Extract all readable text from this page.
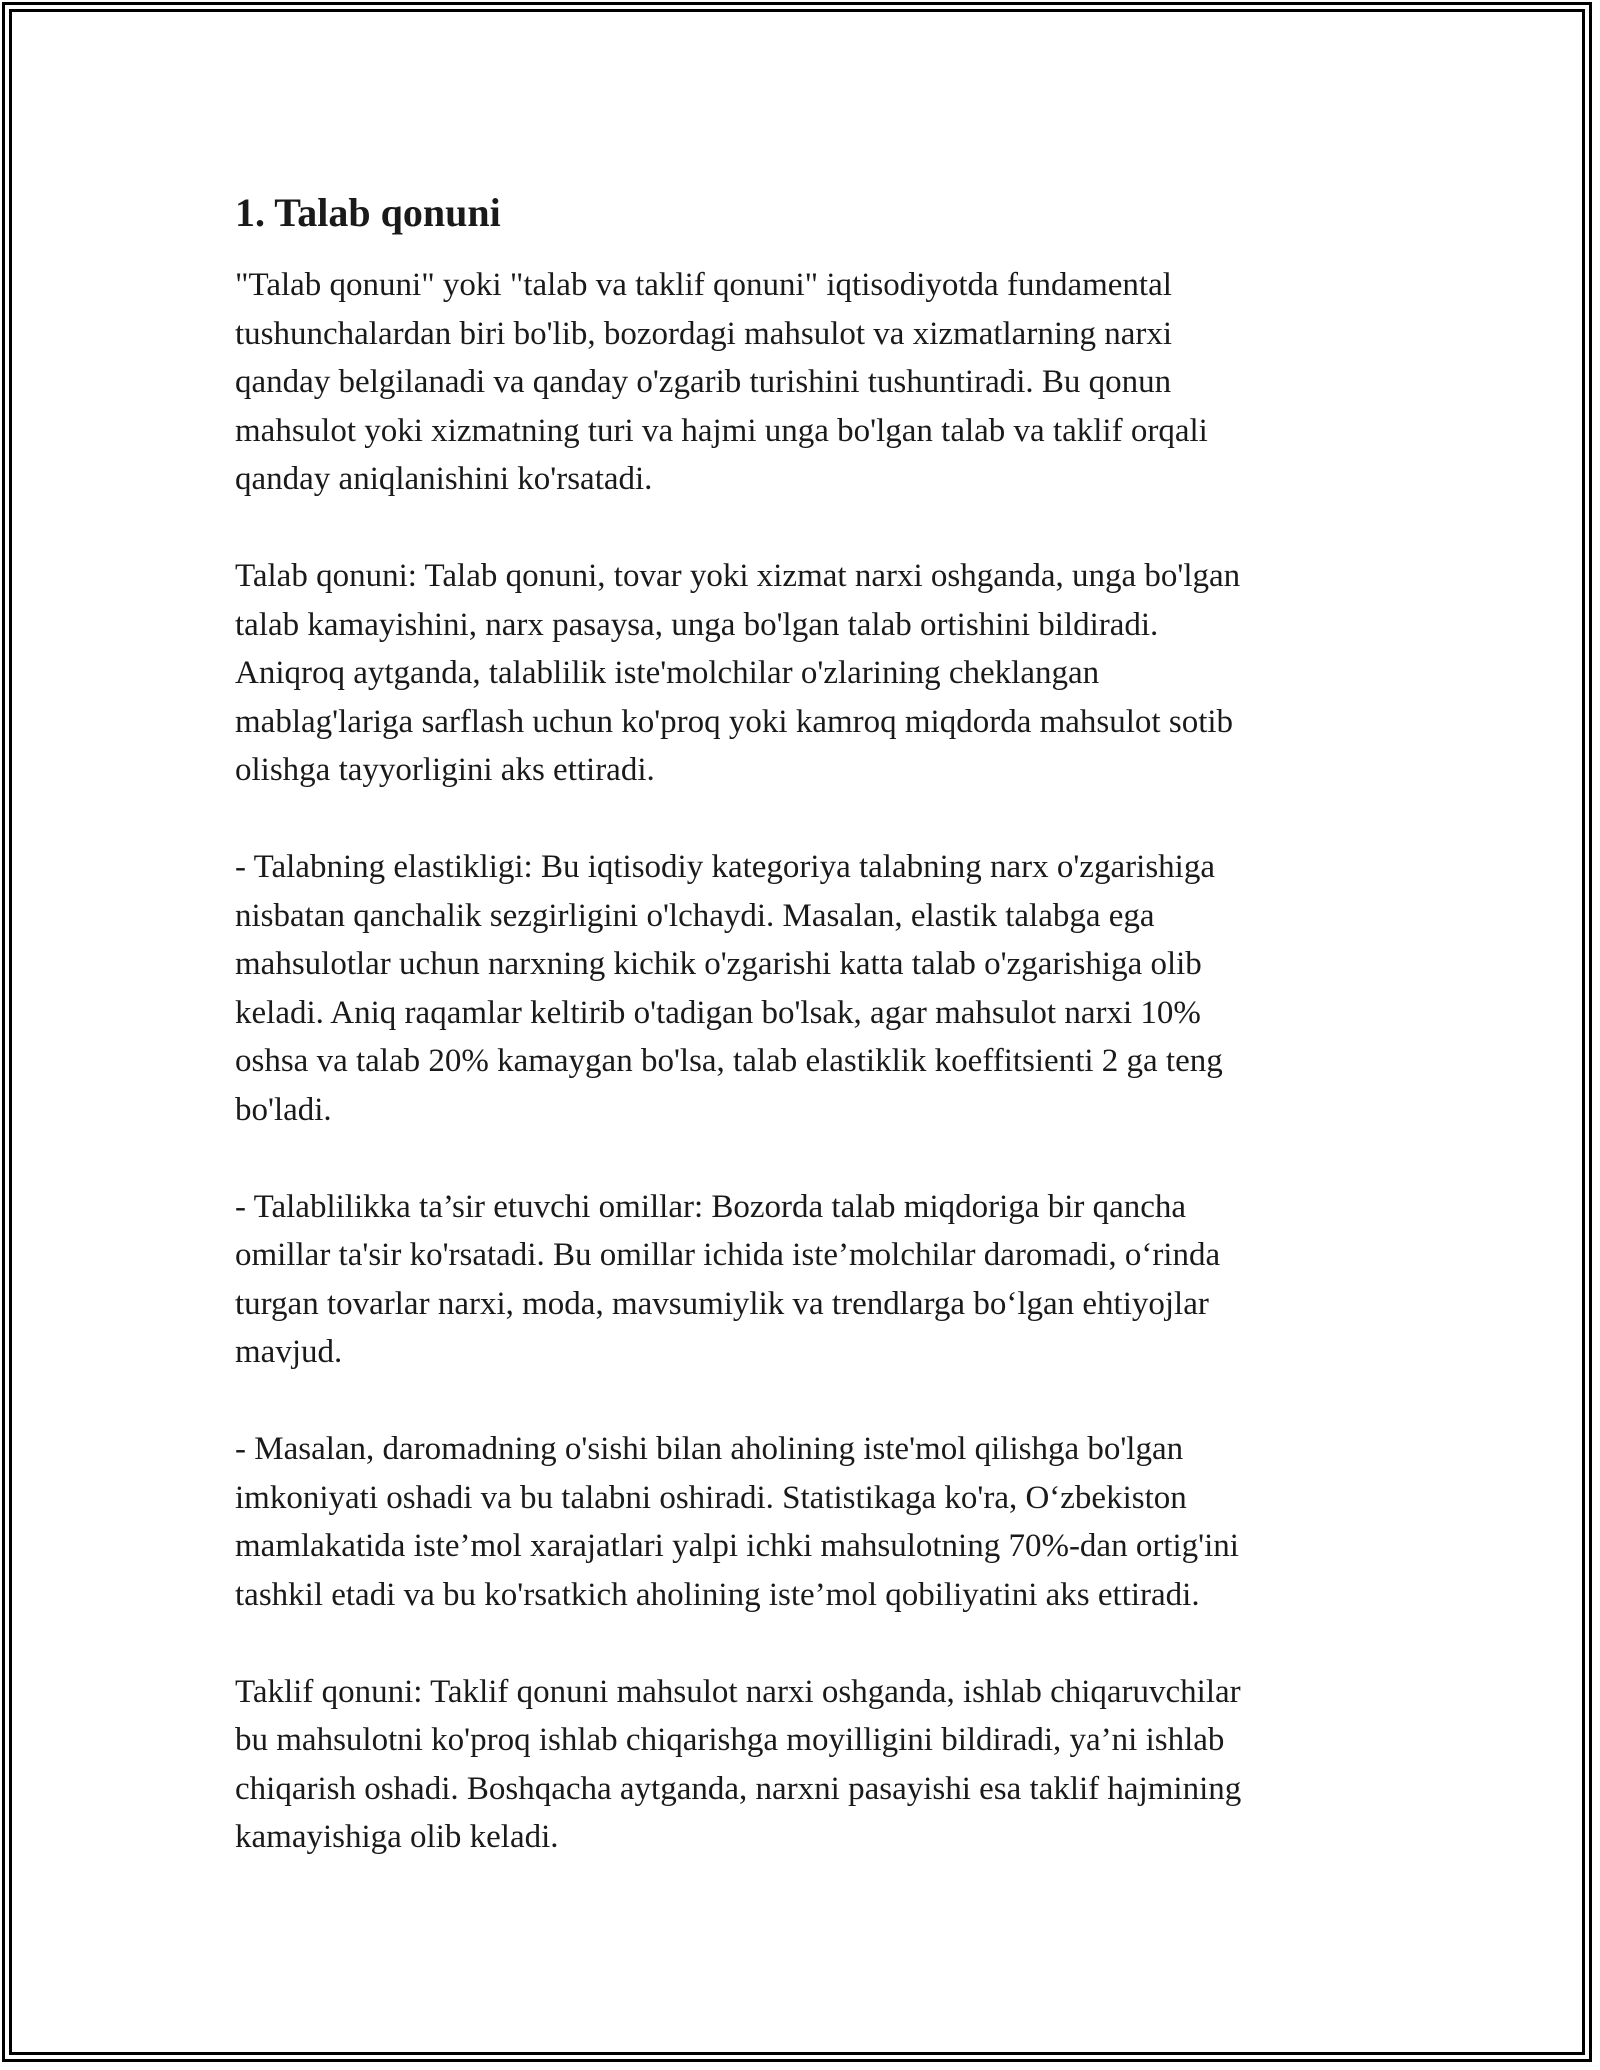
1. Talab qonuni

"Talab qonuni" yoki "talab va taklif qonuni" iqtisodiyotda fundamental
tushunchalardan biri bo'lib, bozordagi mahsulot va xizmatlarning narxi
qanday belgilanadi va qanday o'zgarib turishini tushuntiradi. Bu qonun
mahsulot yoki xizmatning turi va hajmi unga bo'lgan talab va taklif orqali
qanday aniqlanishini ko'rsatadi.

Talab qonuni: Talab qonuni, tovar yoki xizmat narxi oshganda, unga bo'lgan
talab kamayishini, narx pasaysa, unga bo'lgan talab ortishini bildiradi.
Aniqroq aytganda, talablilik iste'molchilar o'zlarining cheklangan
mablag'lariga sarflash uchun ko'proq yoki kamroq miqdorda mahsulot sotib
olishga tayyorligini aks ettiradi.

- Talabning elastikligi: Bu iqtisodiy kategoriya talabning narx o'zgarishiga
nisbatan qanchalik sezgirligini o'lchaydi. Masalan, elastik talabga ega
mahsulotlar uchun narxning kichik o'zgarishi katta talab o'zgarishiga olib
keladi. Aniq raqamlar keltirib o'tadigan bo'lsak, agar mahsulot narxi 10%
oshsa va talab 20% kamaygan bo'lsa, talab elastiklik koeffitsienti 2 ga teng
bo'ladi.

- Talablilikka ta’sir etuvchi omillar: Bozorda talab miqdoriga bir qancha
omillar ta'sir ko'rsatadi. Bu omillar ichida iste’molchilar daromadi, o‘rinda
turgan tovarlar narxi, moda, mavsumiylik va trendlarga bo‘lgan ehtiyojlar
mavjud.

- Masalan, daromadning o'sishi bilan aholining iste'mol qilishga bo'lgan
imkoniyati oshadi va bu talabni oshiradi. Statistikaga ko'ra, O‘zbekiston
mamlakatida iste’mol xarajatlari yalpi ichki mahsulotning 70%-dan ortig'ini
tashkil etadi va bu ko'rsatkich aholining iste’mol qobiliyatini aks ettiradi.

Taklif qonuni: Taklif qonuni mahsulot narxi oshganda, ishlab chiqaruvchilar
bu mahsulotni ko'proq ishlab chiqarishga moyilligini bildiradi, ya’ni ishlab
chiqarish oshadi. Boshqacha aytganda, narxni pasayishi esa taklif hajmining
kamayishiga olib keladi.
